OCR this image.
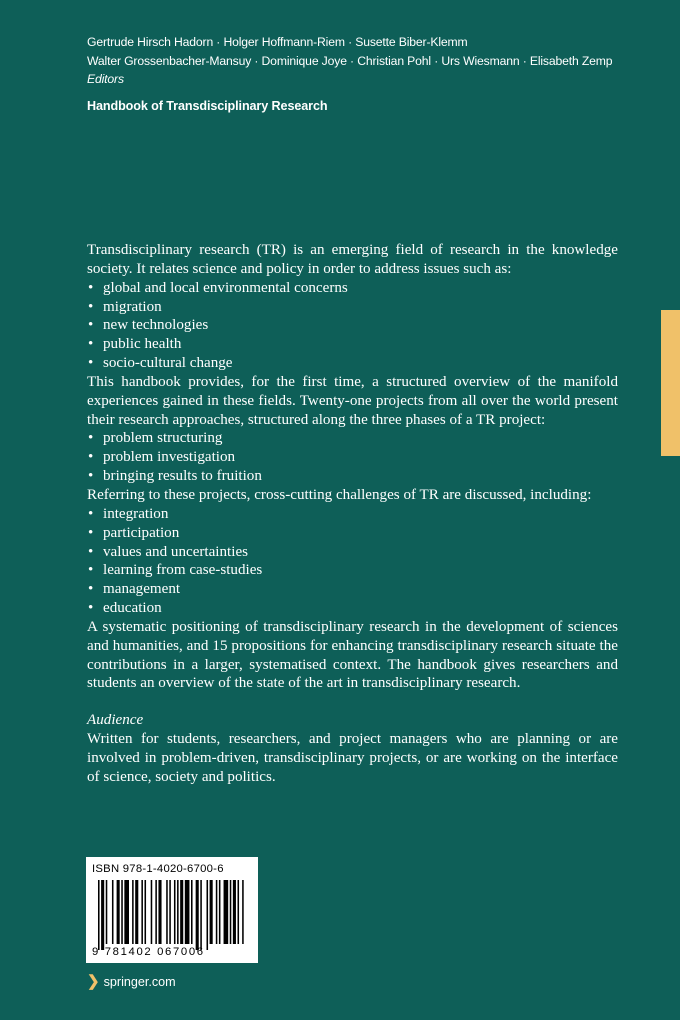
Gertrude Hirsch Hadorn · Holger Hoffmann-Riem · Susette Biber-Klemm
Walter Grossenbacher-Mansuy · Dominique Joye · Christian Pohl · Urs Wiesmann · Elisabeth Zemp
Editors
Handbook of Transdisciplinary Research

Transdisciplinary research (TR) is an emerging field of research in the knowledge society. It relates science and policy in order to address issues such as:

• global and local environmental concerns
• migration
• new technologies
• public health
• socio-cultural change

This handbook provides, for the first time, a structured overview of the manifold experiences gained in these fields. Twenty-one projects from all over the world present their research approaches, structured along the three phases of a TR project:

• problem structuring
• problem investigation
• bringing results to fruition

Referring to these projects, cross-cutting challenges of TR are discussed, including:

• integration
• participation
• values and uncertainties
• learning from case-studies
• management
• education

A systematic positioning of transdisciplinary research in the development of sciences and humanities, and 15 propositions for enhancing transdisciplinary research situate the contributions in a larger, systematised context. The handbook gives researchers and students an overview of the state of the art in transdisciplinary research.

Audience

Written for students, researchers, and project managers who are planning or are involved in problem-driven, transdisciplinary projects, or are working on the interface of science, society and politics.

ISBN 978-1-4020-6700-6
9 781402 067006
❯ springer.com
